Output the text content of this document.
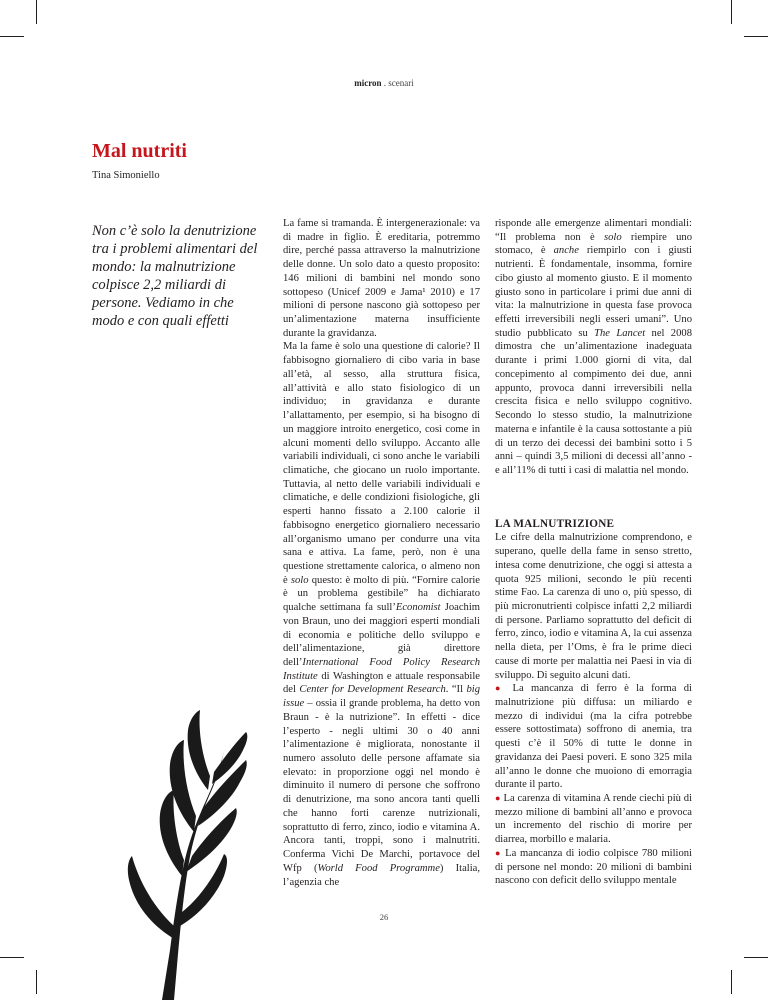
micron . scenari
Mal nutriti
Tina Simoniello

Non c’è solo la denutrizione tra i problemi alimentari del mondo: la malnutrizione colpisce 2,2 miliardi di persone. Vediamo in che modo e con quali effetti

La fame si tramanda. È intergenerazionale: va di madre in figlio. È ereditaria, potremmo dire, perché passa attraverso la malnutrizione delle donne. Un solo dato a questo proposito: 146 milioni di bambini nel mondo sono sottopeso (Unicef 2009 e Jama¹ 2010) e 17 milioni di persone nascono già sottopeso per un’alimentazione materna insufficiente durante la gravidanza.

Ma la fame è solo una questione di calorie? Il fabbisogno giornaliero di cibo varia in base all’età, al sesso, alla struttura fisica, all’attività e allo stato fisiologico di un individuo; in gravidanza e durante l’allattamento, per esempio, si ha bisogno di un maggiore introito energetico, così come in alcuni momenti dello sviluppo. Accanto alle variabili individuali, ci sono anche le variabili climatiche, che giocano un ruolo importante. Tuttavia, al netto delle variabili individuali e climatiche, e delle condizioni fisiologiche, gli esperti hanno fissato a 2.100 calorie il fabbisogno energetico giornaliero necessario all’organismo umano per condurre una vita sana e attiva. La fame, però, non è una questione strettamente calorica, o almeno non è solo questo: è molto di più. “Fornire calorie è un problema gestibile” ha dichiarato qualche settimana fa sull’Economist Joachim von Braun, uno dei maggiori esperti mondiali di economia e politiche dello sviluppo e dell’alimentazione, già direttore dell’International Food Policy Research Institute di Washington e attuale responsabile del Center for Development Research. “Il big issue – ossia il grande problema, ha detto von Braun - è la nutrizione”. In effetti - dice l’esperto - negli ultimi 30 o 40 anni l’alimentazione è migliorata, nonostante il numero assoluto delle persone affamate sia elevato: in proporzione oggi nel mondo è diminuito il numero di persone che soffrono di denutrizione, ma sono ancora tanti quelli che hanno forti carenze nutrizionali, soprattutto di ferro, zinco, iodio e vitamina A. Ancora tanti, troppi, sono i malnutriti. Conferma Vichi De Marchi, portavoce del Wfp (World Food Programme) Italia, l’agenzia che

risponde alle emergenze alimentari mondiali: “Il problema non è solo riempire uno stomaco, è anche riempirlo con i giusti nutrienti. È fondamentale, insomma, fornire cibo giusto al momento giusto. E il momento giusto sono in particolare i primi due anni di vita: la malnutrizione in questa fase provoca effetti irreversibili negli esseri umani”. Uno studio pubblicato su The Lancet nel 2008 dimostra che un’alimentazione inadeguata durante i primi 1.000 giorni di vita, dal concepimento al compimento dei due, anni appunto, provoca danni irreversibili nella crescita fisica e nello sviluppo cognitivo. Secondo lo stesso studio, la malnutrizione materna e infantile è la causa sottostante a più di un terzo dei decessi dei bambini sotto i 5 anni – quindi 3,5 milioni di decessi all’anno - e all’11% di tutti i casi di malattia nel mondo.

LA MALNUTRIZIONE

Le cifre della malnutrizione comprendono, e superano, quelle della fame in senso stretto, intesa come denutrizione, che oggi si attesta a quota 925 milioni, secondo le più recenti stime Fao. La carenza di uno o, più spesso, di più micronutrienti colpisce infatti 2,2 miliardi di persone. Parliamo soprattutto del deficit di ferro, zinco, iodio e vitamina A, la cui assenza nella dieta, per l’Oms, è fra le prime dieci cause di morte per malattia nei Paesi in via di sviluppo. Di seguito alcuni dati.

● La mancanza di ferro è la forma di malnutrizione più diffusa: un miliardo e mezzo di individui (ma la cifra potrebbe essere sottostimata) soffrono di anemia, tra questi c’è il 50% di tutte le donne in gravidanza dei Paesi poveri. E sono 325 mila all’anno le donne che muoiono di emorragia durante il parto.

● La carenza di vitamina A rende ciechi più di mezzo milione di bambini all’anno e provoca un incremento del rischio di morire per diarrea, morbillo e malaria.

● La mancanza di iodio colpisce 780 milioni di persone nel mondo: 20 milioni di bambini nascono con deficit dello sviluppo mentale

26
